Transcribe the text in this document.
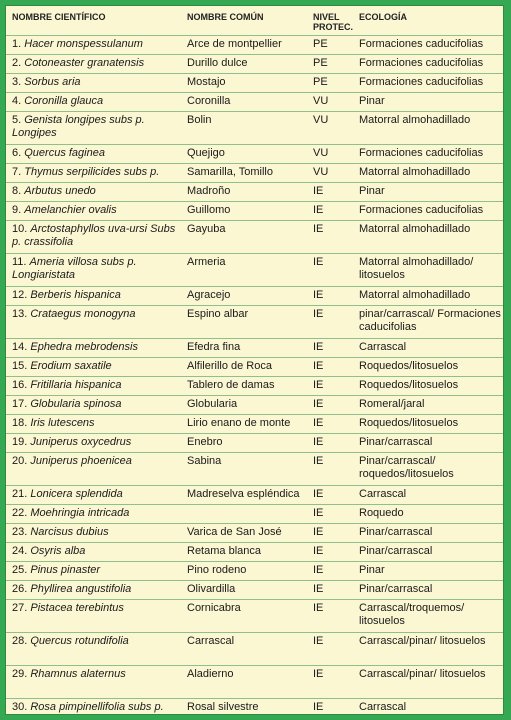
NOMBRE CIENTÍFICO	NOMBRE COMÚN	NIVEL PROTEC.	ECOLOGÍA

1. Hacer monspessulanum	Arce de montpellier	PE	Formaciones caducifolias

2. Cotoneaster granatensis	Durillo dulce	PE	Formaciones caducifolias

3. Sorbus aria	Mostajo	PE	Formaciones caducifolias

4. Coronilla glauca	Coronilla	VU	Pinar

5. Genista longipes subs p. Longipes	Bolin	VU	Matorral almohadillado

6. Quercus faginea	Quejigo	VU	Formaciones caducifolias

7. Thymus serpilicides subs p.	Samarilla, Tomillo	VU	Matorral almohadillado

8. Arbutus unedo	Madroño	IE	Pinar

9. Amelanchier ovalis	Guillomo	IE	Formaciones caducifolias

10. Arctostaphyllos uva-ursi Subs p. crassifolia	Gayuba	IE	Matorral almohadillado

11. Ameria villosa subs p. Longiaristata	Armeria	IE	Matorral almohadillado/ litosuelos

12. Berberis hispanica	Agracejo	IE	Matorral almohadillado

13. Crataegus monogyna	Espino albar	IE	pinar/carrascal/ Formaciones caducifolias

14. Ephedra mebrodensis	Efedra fina	IE	Carrascal

15. Erodium saxatile	Alfilerillo de Roca	IE	Roquedos/litosuelos

16. Fritillaria hispanica	Tablero de damas	IE	Roquedos/litosuelos

17. Globularia spinosa	Globularia	IE	Romeral/jaral

18. Iris lutescens	Lirio enano de monte	IE	Roquedos/litosuelos

19. Juniperus oxycedrus	Enebro	IE	Pinar/carrascal

20. Juniperus phoenicea	Sabina	IE	Pinar/carrascal/ roquedos/litosuelos

21. Lonicera splendida	Madreselva espléndica	IE	Carrascal

22. Moehringia intricada		IE	Roquedo

23. Narcisus dubius	Varica de San José	IE	Pinar/carrascal

24. Osyris alba	Retama blanca	IE	Pinar/carrascal

25. Pinus pinaster	Pino rodeno	IE	Pinar

26. Phyllirea angustifolia	Olivardilla	IE	Pinar/carrascal

27. Pistacea terebintus	Cornicabra	IE	Carrascal/troquemos/ litosuelos

28. Quercus rotundifolia	Carrascal	IE	Carrascal/pinar/ litosuelos

29. Rhamnus alaternus	Aladierno	IE	Carrascal/pinar/ litosuelos

30. Rosa pimpinellifolia subs p.	Rosal silvestre	IE	Carrascal
